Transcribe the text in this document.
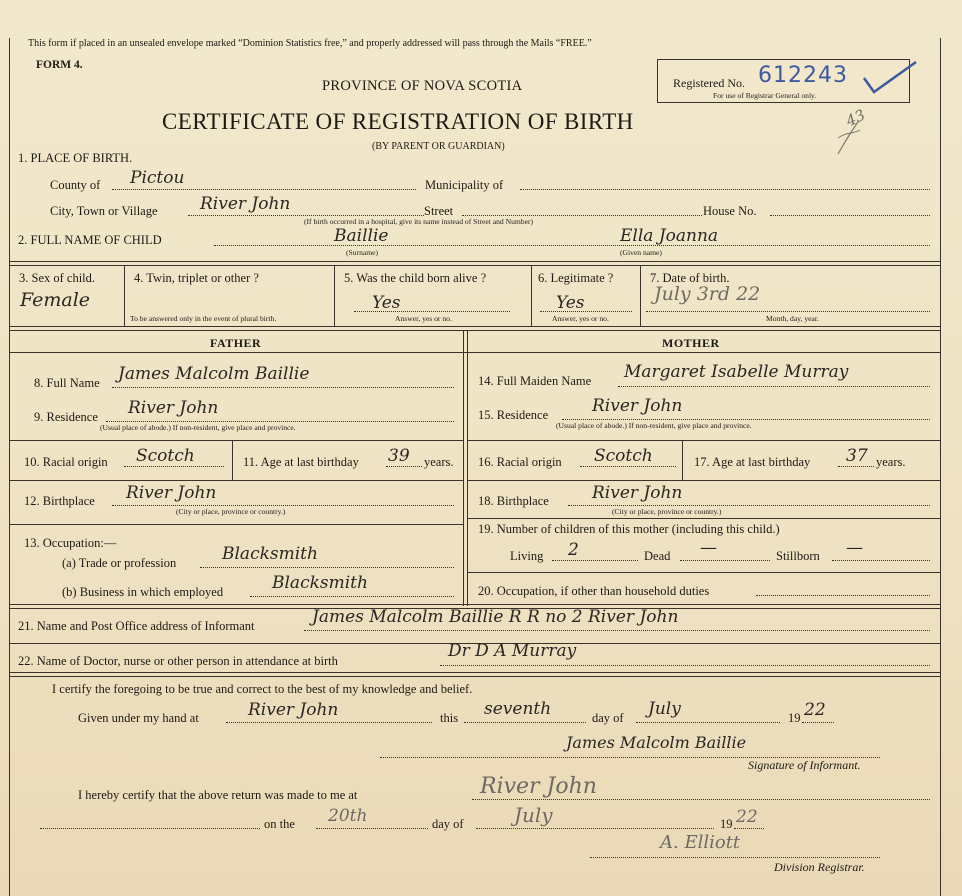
This form if placed in an unsealed envelope marked “Dominion Statistics free,” and properly addressed will pass through the Mails “FREE.”
FORM 4.
PROVINCE OF NOVA SCOTIA
CERTIFICATE OF REGISTRATION OF BIRTH
(BY PARENT OR GUARDIAN)
Registered No. 612243
For use of Registrar General only.
43
1. PLACE OF BIRTH.
County of Pictou	Municipality of
City, Town or Village River John	Street	House No.
(If birth occurred in a hospital, give its name instead of Street and Number)
2. FULL NAME OF CHILD	Baillie
(Surname)
Ella Joanna
(Given name)
3. Sex of child.
Female
4. Twin, triplet or other ?
To be answered only in the event of plural birth.
5. Was the child born alive ?
Yes
Answer, yes or no.
6. Legitimate ?
Yes
Answer, yes or no.
7. Date of birth.
July 3rd 22
Month, day, year.
FATHER	MOTHER
8. Full Name James Malcolm Baillie
9. Residence River John
(Usual place of abode.) If non-resident, give place and province.
10. Racial origin Scotch	11. Age at last birthday 39 years.
12. Birthplace River John
(City or place, province or country.)
13. Occupation:—
(a) Trade or profession	Blacksmith
(b) Business in which employed	Blacksmith
14. Full Maiden Name Margaret Isabelle Murray
15. Residence	River John
(Usual place of abode.) If non-resident, give place and province.
16. Racial origin Scotch	17. Age at last birthday 37 years.
18. Birthplace	River John
(City or place, province or country.)
19. Number of children of this mother (including this child.)
Living 2	Dead —	Stillborn —
20. Occupation, if other than household duties
21. Name and Post Office address of Informant	James Malcolm Baillie R R no 2 River John
22. Name of Doctor, nurse or other person in attendance at birth	Dr D A Murray
I certify the foregoing to be true and correct to the best of my knowledge and belief.
Given under my hand at	River John	this seventh	day of July	19 22
James Malcolm Baillie
Signature of Informant.
I hereby certify that the above return was made to me at	River John
on the 20th	day of	July	19 22
A. Elliott
Division Registrar.
